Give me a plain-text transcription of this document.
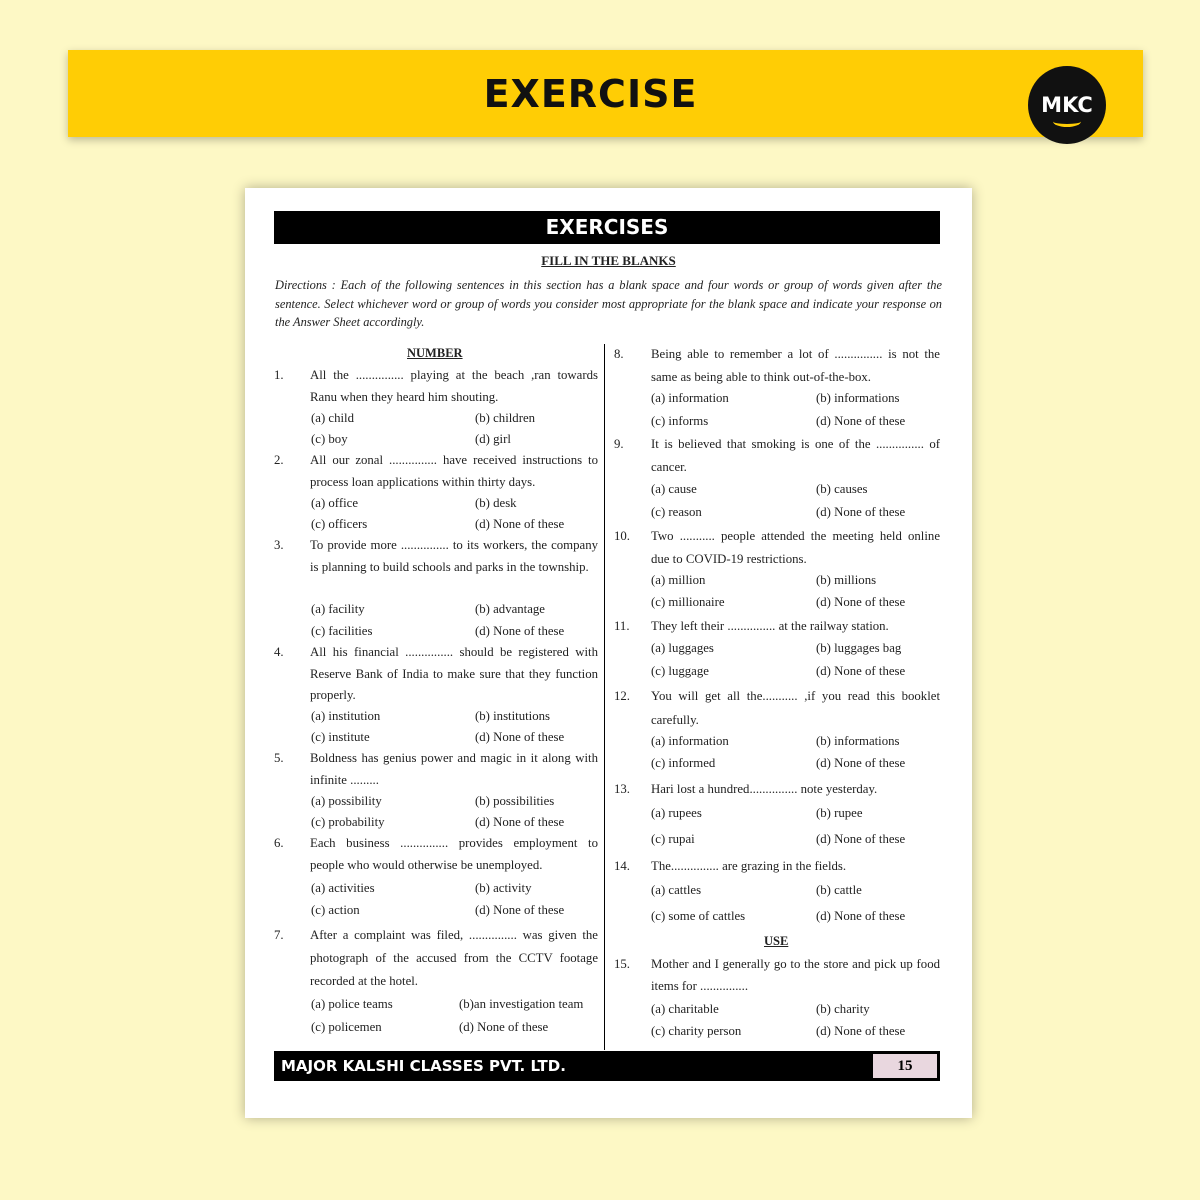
EXERCISE	MKC
EXERCISES
FILL IN THE BLANKS
Directions : Each of the following sentences in this section has a blank space and four words or group of words given after the sentence. Select whichever word or group of words you consider most appropriate for the blank space and indicate your response on the Answer Sheet accordingly.
NUMBER
USE
1. All the ............... playing at the beach ,ran towards Ranu when they heard him shouting.
(a) child	(b) children
(c) boy	(d) girl
2. All our zonal ............... have received instructions to process loan applications within thirty days.
(a) office	(b) desk
(c) officers	(d) None of these
3. To provide more ............... to its workers, the company is planning to build schools and parks in the township.
(a) facility	(b) advantage
(c) facilities	(d) None of these
4. All his financial ............... should be registered with Reserve Bank of India to make sure that they function properly.
(a) institution	(b) institutions
(c) institute	(d) None of these
5. Boldness has genius power and magic in it along with infinite .........
(a) possibility	(b) possibilities
(c) probability	(d) None of these
6. Each business ............... provides employment to people who would otherwise be unemployed.
(a) activities	(b) activity
(c) action	(d) None of these
7. After a complaint was filed, ............... was given the photograph of the accused from the CCTV footage recorded at the hotel.
(a) police teams	(b)an investigation team
(c) policemen	(d) None of these
8. Being able to remember a lot of ............... is not the same as being able to think out-of-the-box.
(a) information	(b) informations
(c) informs	(d) None of these
9. It is believed that smoking is one of the ............... of cancer.
(a) cause	(b) causes
(c) reason	(d) None of these
10. Two ........... people attended the meeting held online due to COVID-19 restrictions.
(a) million	(b) millions
(c) millionaire	(d) None of these
11. They left their ............... at the railway station.
(a) luggages	(b) luggages bag
(c) luggage	(d) None of these
12. You will get all the........... ,if you read this booklet carefully.
(a) information	(b) informations
(c) informed	(d) None of these
13. Hari lost a hundred............... note yesterday.
(a) rupees	(b) rupee
(c) rupai	(d) None of these
14. The............... are grazing in the fields.
(a) cattles	(b) cattle
(c) some of cattles	(d) None of these
15. Mother and I generally go to the store and pick up food items for ...............
(a) charitable	(b) charity
(c) charity person	(d) None of these
MAJOR KALSHI CLASSES PVT. LTD.	15
